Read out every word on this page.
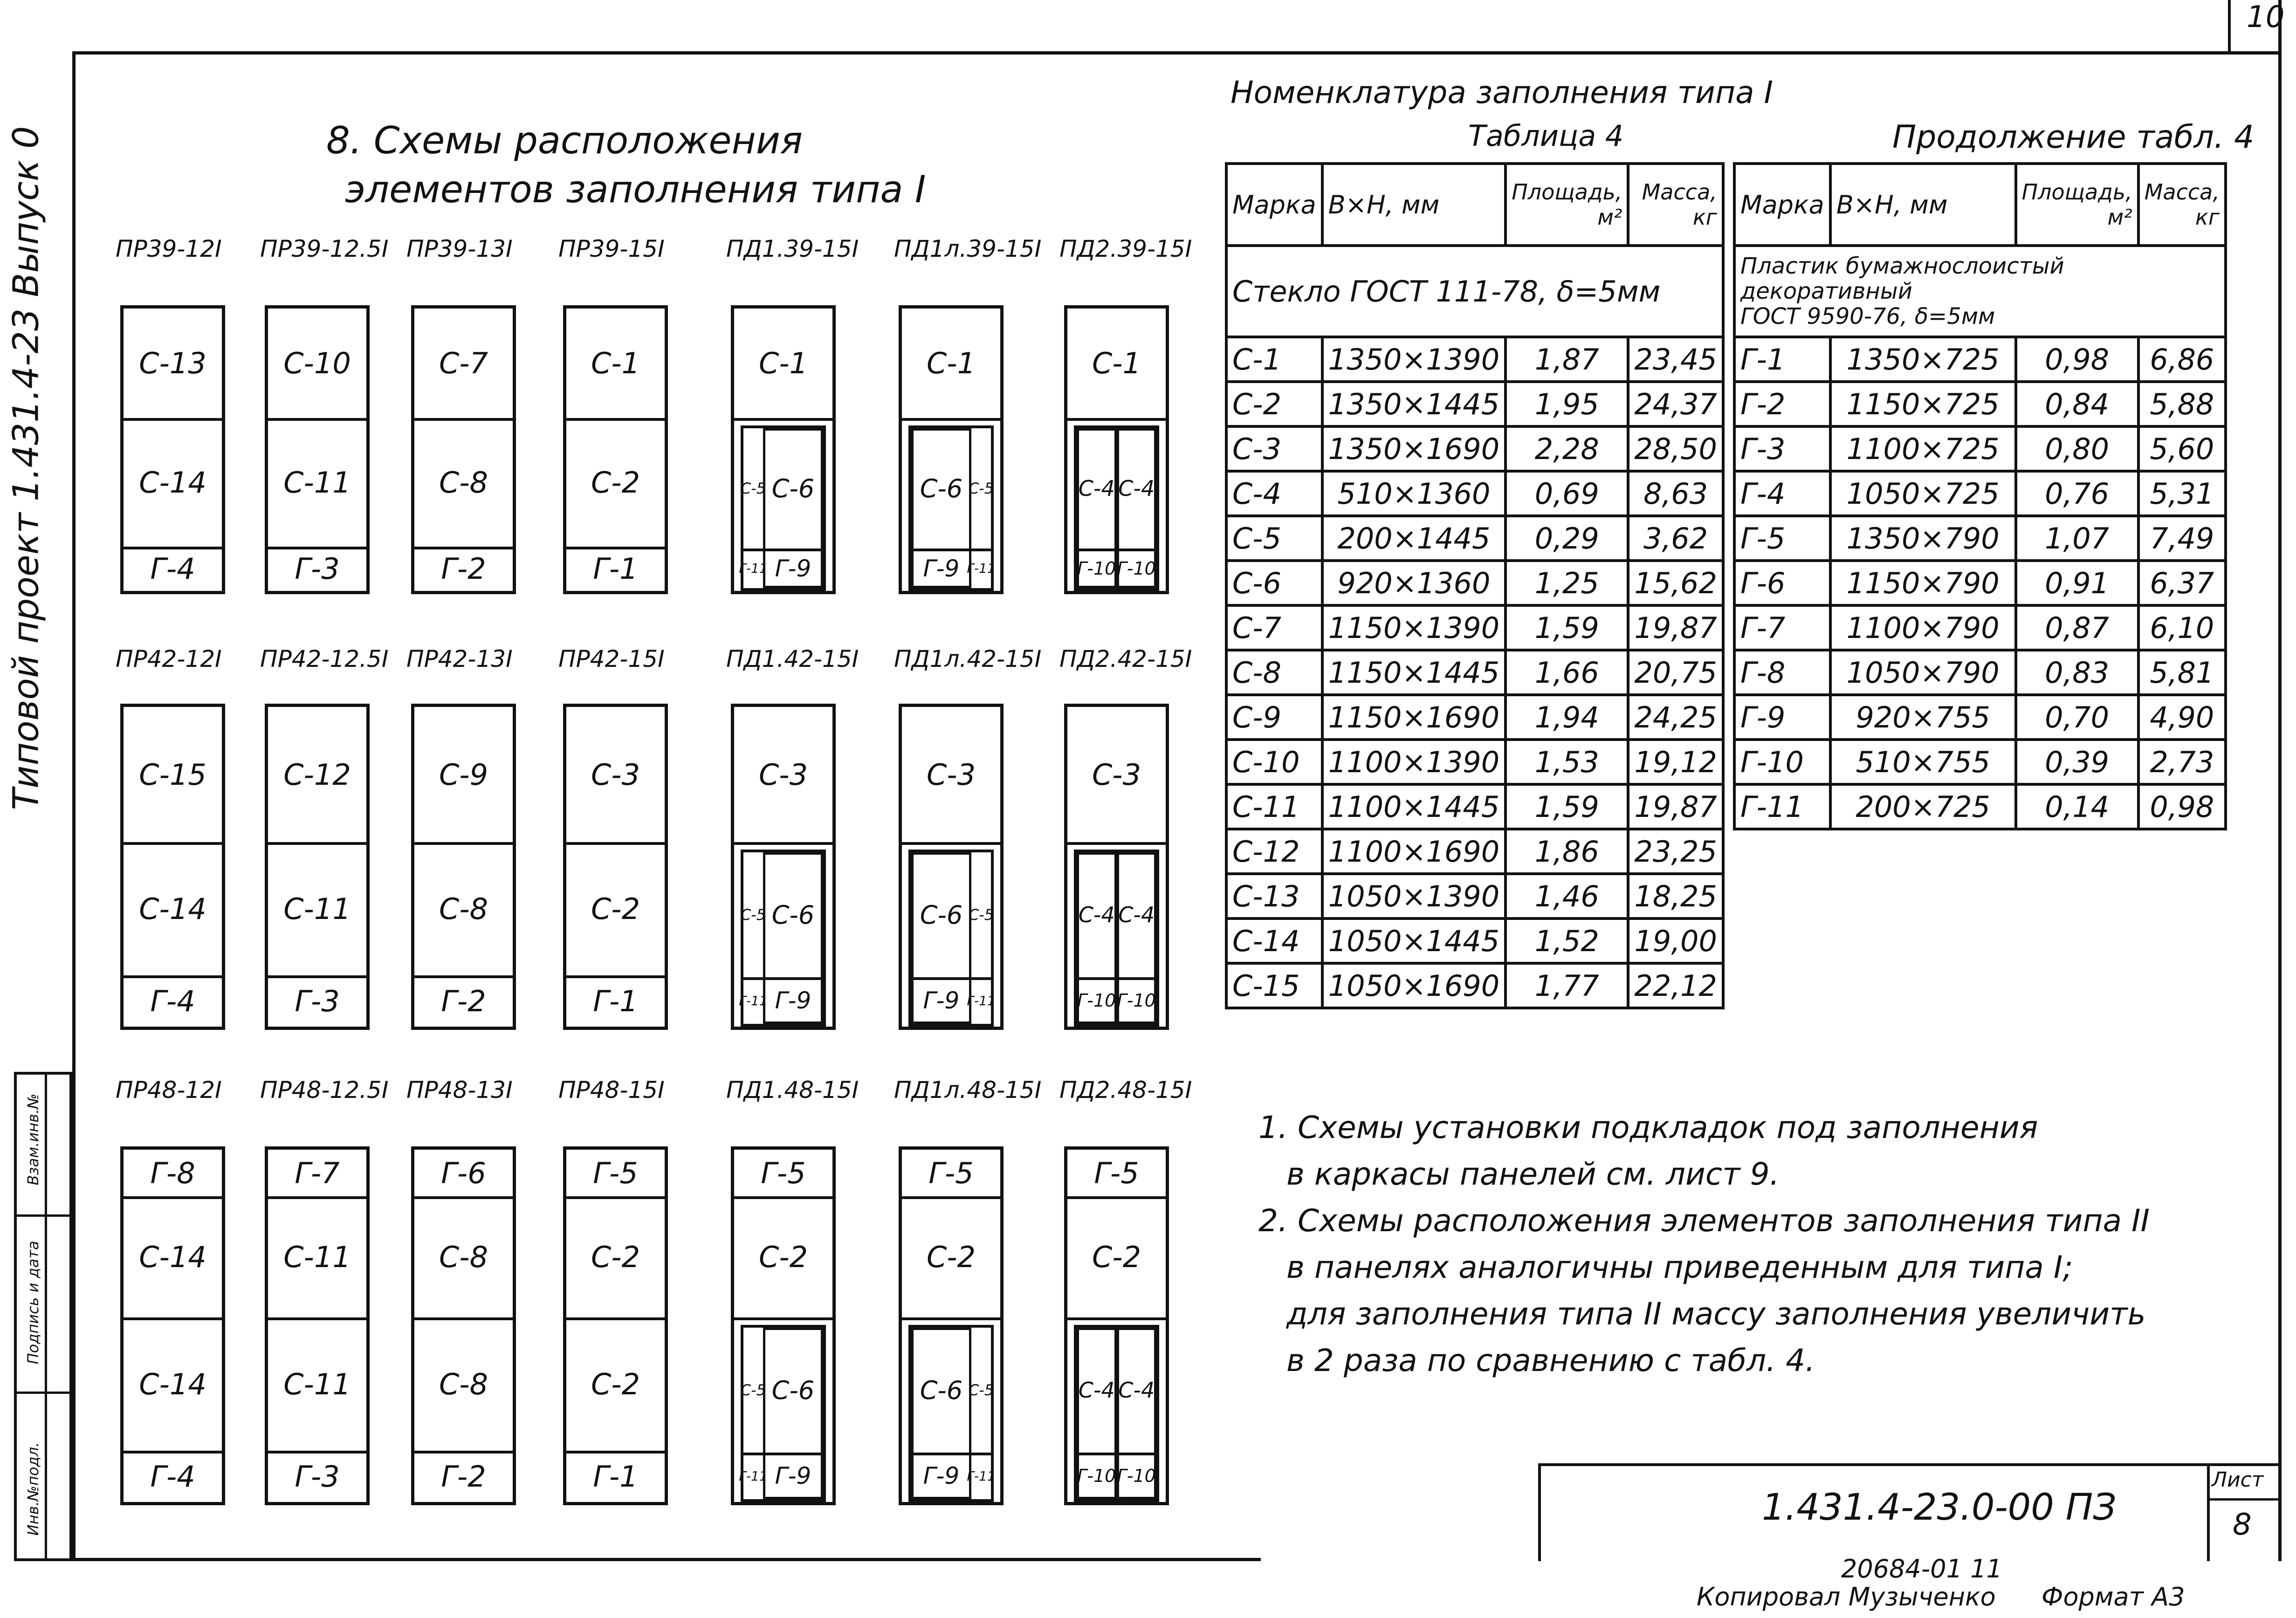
10
Типовой проект 1.431.4-23 Выпуск 0
Инв.№подл.
Подпись и дата
Взам.инв.№
8. Схемы расположения
элементов заполнения типа I
ПР39-12I
С-13
С-14
Г-4
ПР39-12.5I
С-10
С-11
Г-3
ПР39-13I
С-7
С-8
Г-2
ПР39-15I
С-1
С-2
Г-1
ПД1.39-15I
С-1
С-5 С-6
Г-11 Г-9
ПД1л.39-15I
С-1
С-5
С-6
Г-11
Г-9
ПД2.39-15I
С-1
С-4 С-4
Г-10 Г-10
ПР42-12I
С-15
С-14
Г-4
ПР42-12.5I
С-12
С-11
Г-3
ПР42-13I
С-9
С-8
Г-2
ПР42-15I
С-3
С-2
Г-1
ПД1.42-15I
С-3
С-5 С-6
Г-11 Г-9
ПД1л.42-15I
С-3
С-5
С-6
Г-11
Г-9
ПД2.42-15I
С-3
С-4 С-4
Г-10 Г-10
ПР48-12I
Г-8
С-14
С-14
Г-4
ПР48-12.5I
Г-7
С-11
С-11
Г-3
ПР48-13I
Г-6
С-8
С-8
Г-2
ПР48-15I
Г-5
С-2
С-2
Г-1
ПД1.48-15I
Г-5
С-2
С-5 С-6
Г-11 Г-9
ПД1л.48-15I
Г-5
С-2
С-5
С-6
Г-11
Г-9
ПД2.48-15I
Г-5
С-2
С-4 С-4
Г-10 Г-10
Номенклатура заполнения типа I
Таблица 4	Продолжение табл. 4
Марка	B×H, мм	Площадь, м²	Масса, кг
Стекло ГОСТ 111-78, δ=5мм			
С-1	1350×1390	1,87	23,45
С-2	1350×1445	1,95	24,37
С-3	1350×1690	2,28	28,50
С-4	510×1360	0,69	8,63
С-5	200×1445	0,29	3,62
С-6	920×1360	1,25	15,62
С-7	1150×1390	1,59	19,87
С-8	1150×1445	1,66	20,75
С-9	1150×1690	1,94	24,25
С-10	1100×1390	1,53	19,12
С-11	1100×1445	1,59	19,87
С-12	1100×1690	1,86	23,25
С-13	1050×1390	1,46	18,25
С-14	1050×1445	1,52	19,00
С-15	1050×1690	1,77	22,12
Марка	B×H, мм	Площадь, м²	Масса, кг

Пластик бумажнослоистый
декоративный
ГОСТ 9590-76, δ=5мм			

Г-1	1350×725	0,98	6,86
Г-2	1150×725	0,84	5,88
Г-3	1100×725	0,80	5,60
Г-4	1050×725	0,76	5,31
Г-5	1350×790	1,07	7,49
Г-6	1150×790	0,91	6,37
Г-7	1100×790	0,87	6,10
Г-8	1050×790	0,83	5,81
Г-9	920×755	0,70	4,90
Г-10	510×755	0,39	2,73
Г-11	200×725	0,14	0,98
1. Схемы установки подкладок под заполнения
в каркасы панелей см. лист 9.
2. Схемы расположения элементов заполнения типа II
в панелях аналогичны приведенным для типа I;
для заполнения типа II массу заполнения увеличить
в 2 раза по сравнению с табл. 4.
1.431.4-23.0-00 ПЗ
Лист
8
20684-01 11
Копировал Музыченко Формат А3
